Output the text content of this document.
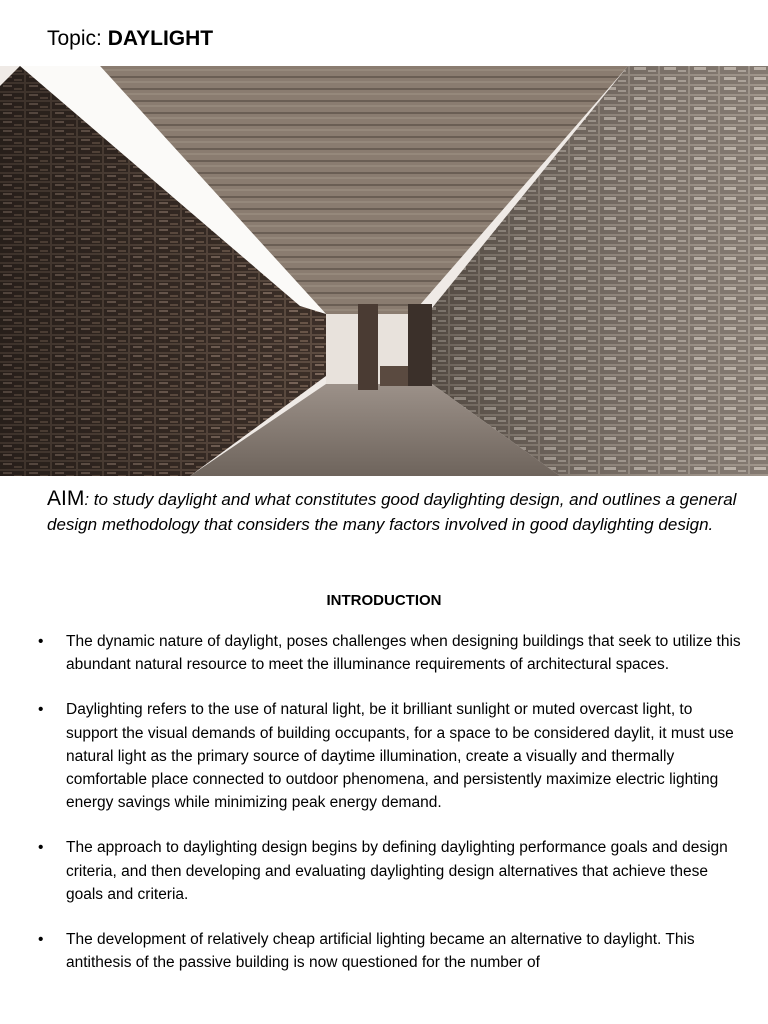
Topic: DAYLIGHT
AIM: to study daylight and what constitutes good daylighting design, and outlines a general design methodology that considers the many factors involved in good daylighting design.
INTRODUCTION
• The dynamic nature of daylight, poses challenges when designing buildings that seek to utilize this abundant natural resource to meet the illuminance requirements of architectural spaces.
• Daylighting refers to the use of natural light, be it brilliant sunlight or muted overcast light, to support the visual demands of building occupants, for a space to be considered daylit, it must use natural light as the primary source of daytime illumination, create a visually and thermally comfortable place connected to outdoor phenomena, and persistently maximize electric lighting energy savings while minimizing peak energy demand.
• The approach to daylighting design begins by defining daylighting performance goals and design criteria, and then developing and evaluating daylighting design alternatives that achieve these goals and criteria.
• The development of relatively cheap artificial lighting became an alternative to daylight. This antithesis of the passive building is now questioned for the number of
